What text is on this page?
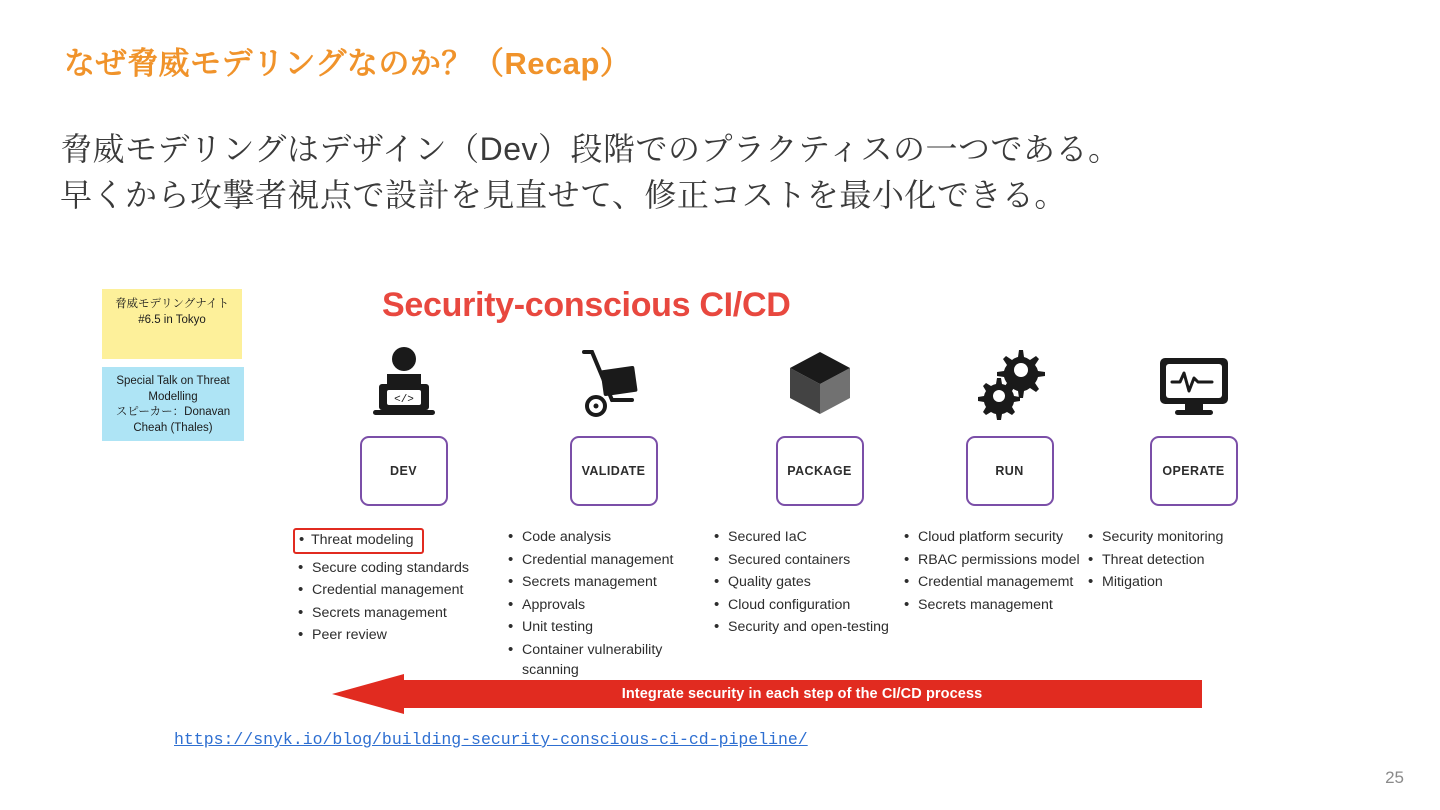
なぜ脅威モデリングなのか？（Recap）
脅威モデリングはデザイン（Dev）段階でのプラクティスの一つである。
早くから攻撃者視点で設計を見直せて、修正コストを最小化できる。
脅威モデリングナイト
#6.5 in Tokyo
Special Talk on Threat
Modelling
スピーカー：Donavan
Cheah (Thales)
Security-conscious CI/CD
</>
DEV
• Threat modeling
• Secure coding standards
• Credential management
• Secrets management
• Peer review
VALIDATE
• Code analysis
• Credential management
• Secrets management
• Approvals
• Unit testing
• Container vulnerability scanning
PACKAGE
• Secured IaC
• Secured containers
• Quality gates
• Cloud configuration
• Security and open-testing
RUN
• Cloud platform security
• RBAC permissions model
• Credential managememt
• Secrets management
OPERATE
• Security monitoring
• Threat detection
• Mitigation
Integrate security in each step of the CI/CD process
https://snyk.io/blog/building-security-conscious-ci-cd-pipeline/
25
